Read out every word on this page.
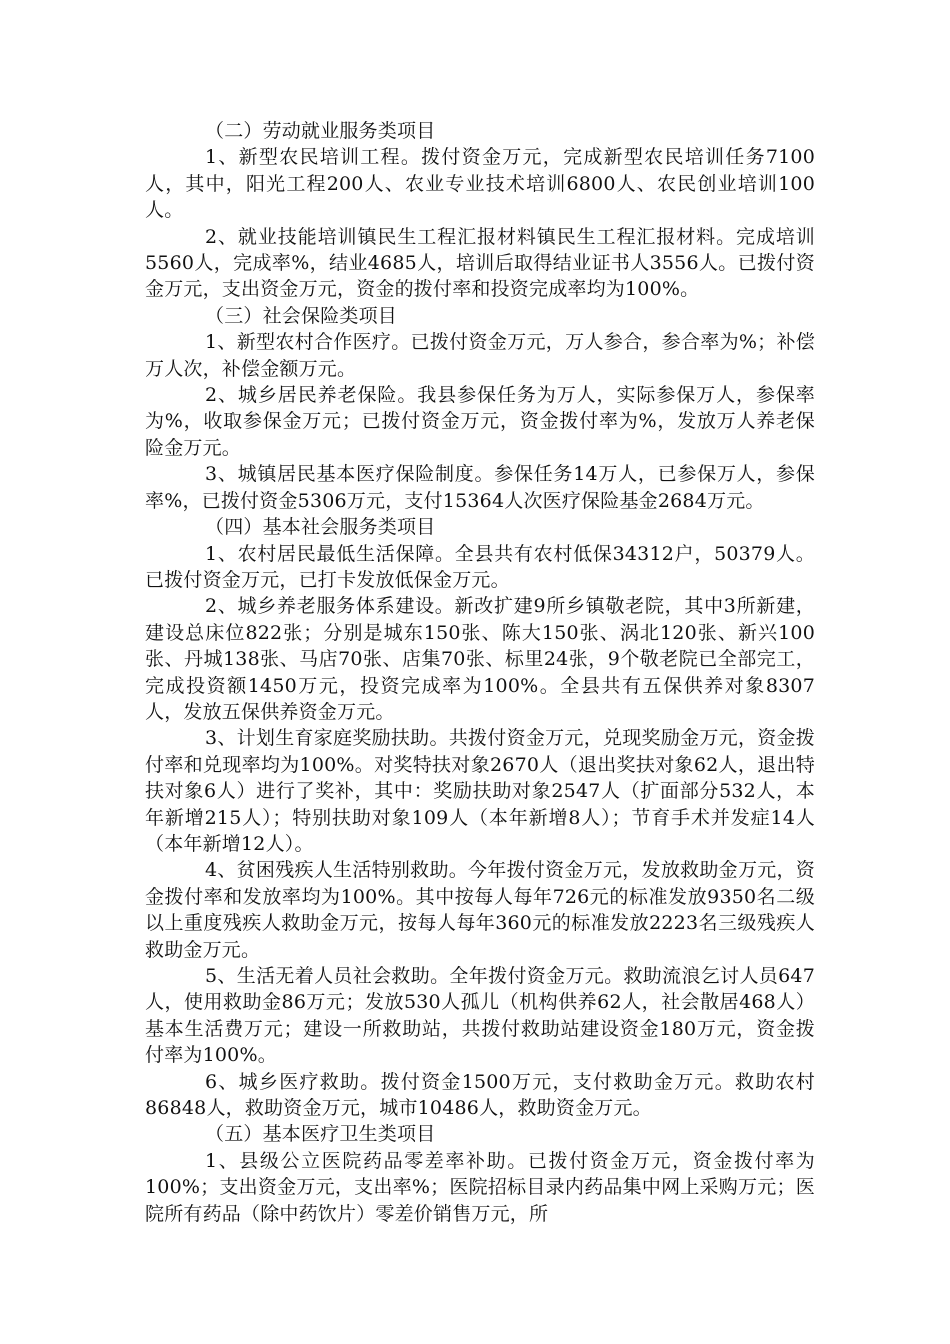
（二）劳动就业服务类项目

1、新型农民培训工程。拨付资金万元，完成新型农民培训任务7100人，其中，阳光工程200人、农业专业技术培训6800人、农民创业培训100人。

2、就业技能培训镇民生工程汇报材料镇民生工程汇报材料。完成培训5560人，完成率%，结业4685人，培训后取得结业证书人3556人。已拨付资金万元，支出资金万元，资金的拨付率和投资完成率均为100%。

（三）社会保险类项目

1、新型农村合作医疗。已拨付资金万元，万人参合，参合率为%；补偿万人次，补偿金额万元。

2、城乡居民养老保险。我县参保任务为万人，实际参保万人，参保率为%，收取参保金万元；已拨付资金万元，资金拨付率为%，发放万人养老保险金万元。

3、城镇居民基本医疗保险制度。参保任务14万人，已参保万人，参保率%，已拨付资金5306万元，支付15364人次医疗保险基金2684万元。

（四）基本社会服务类项目

1、农村居民最低生活保障。全县共有农村低保34312户，50379人。已拨付资金万元，已打卡发放低保金万元。

2、城乡养老服务体系建设。新改扩建9所乡镇敬老院，其中3所新建，建设总床位822张；分别是城东150张、陈大150张、涡北120张、新兴100张、丹城138张、马店70张、店集70张、标里24张，9个敬老院已全部完工，完成投资额1450万元，投资完成率为100%。全县共有五保供养对象8307人，发放五保供养资金万元。

3、计划生育家庭奖励扶助。共拨付资金万元，兑现奖励金万元，资金拨付率和兑现率均为100%。对奖特扶对象2670人（退出奖扶对象62人，退出特扶对象6人）进行了奖补，其中：奖励扶助对象2547人（扩面部分532人，本年新增215人）；特别扶助对象109人（本年新增8人）；节育手术并发症14人（本年新增12人）。

4、贫困残疾人生活特别救助。今年拨付资金万元，发放救助金万元，资金拨付率和发放率均为100%。其中按每人每年726元的标准发放9350名二级以上重度残疾人救助金万元，按每人每年360元的标准发放2223名三级残疾人救助金万元。

5、生活无着人员社会救助。全年拨付资金万元。救助流浪乞讨人员647人，使用救助金86万元；发放530人孤儿（机构供养62人，社会散居468人）基本生活费万元；建设一所救助站，共拨付救助站建设资金180万元，资金拨付率为100%。

6、城乡医疗救助。拨付资金1500万元，支付救助金万元。救助农村86848人，救助资金万元，城市10486人，救助资金万元。

（五）基本医疗卫生类项目

1、县级公立医院药品零差率补助。已拨付资金万元，资金拨付率为100%；支出资金万元，支出率%；医院招标目录内药品集中网上采购万元；医院所有药品（除中药饮片）零差价销售万元，所
